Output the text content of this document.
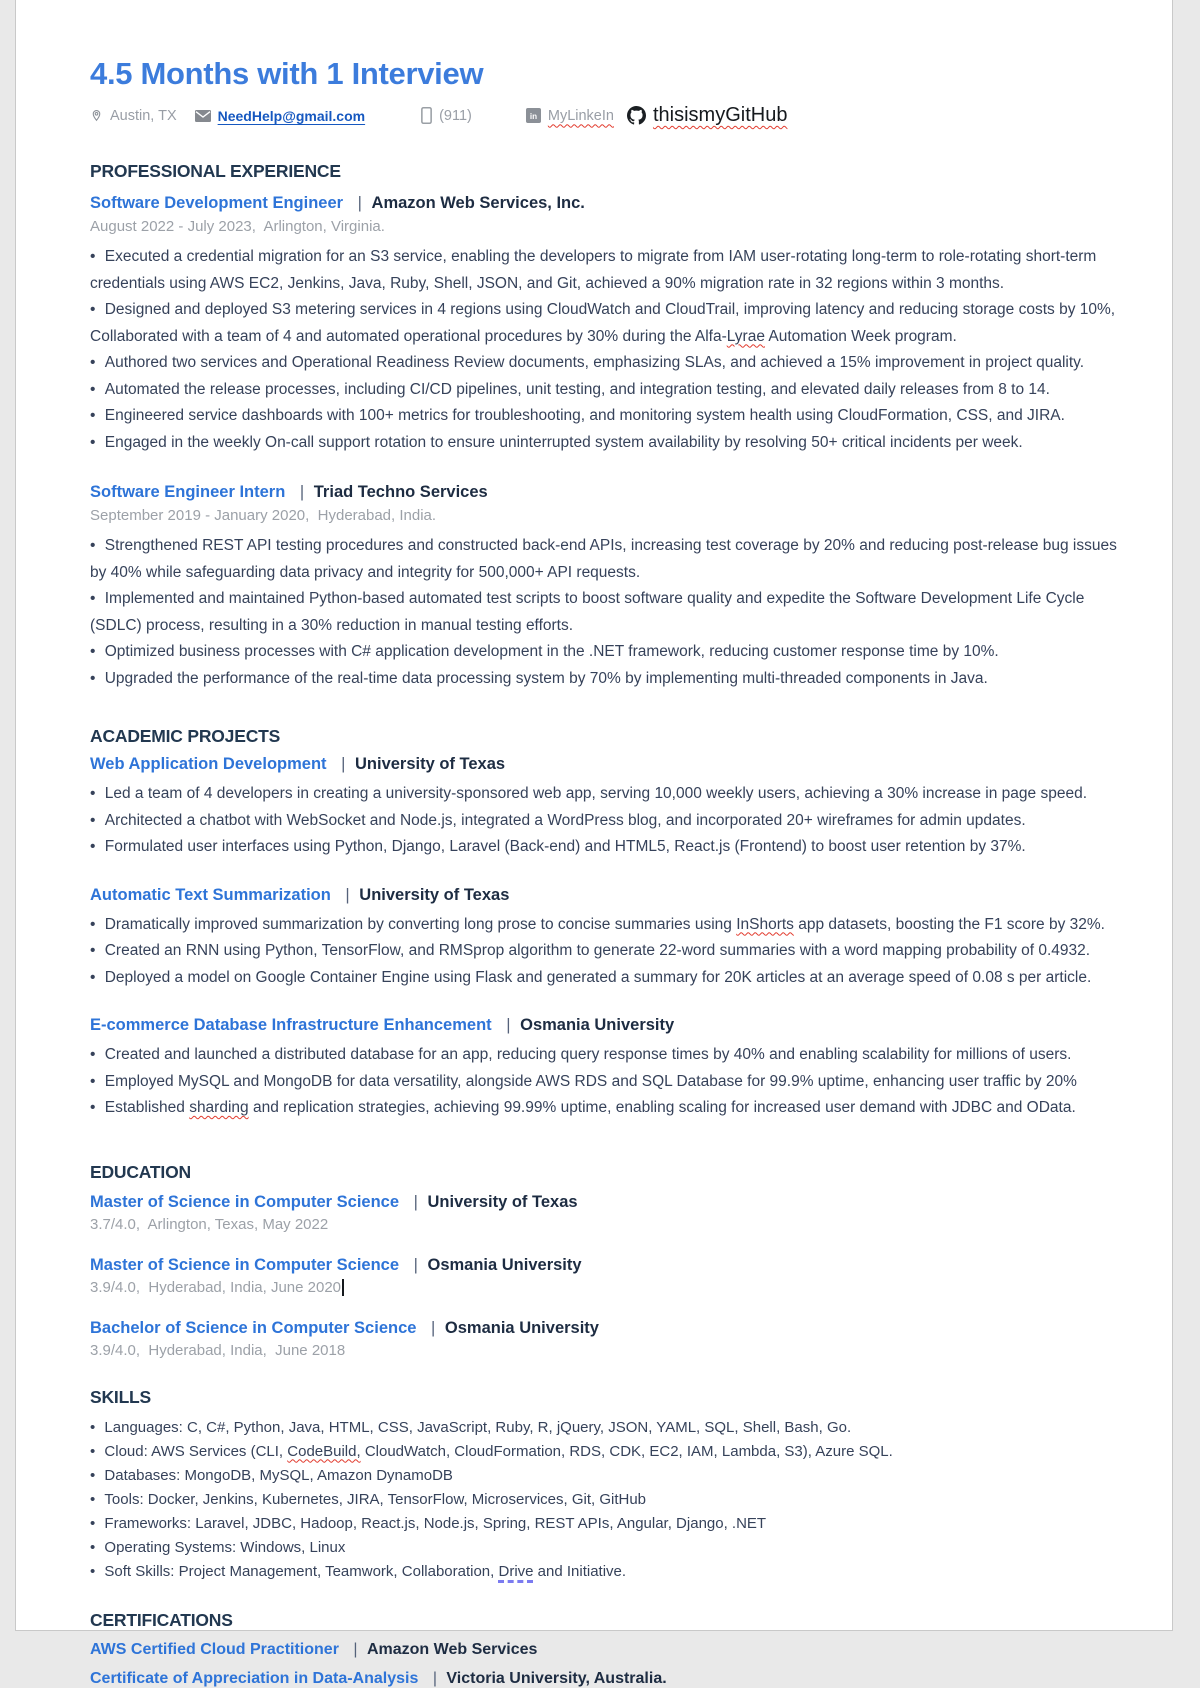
4.5 Months with 1 Interview
Austin, TX	NeedHelp@gmail.com	(911)	in MyLinkeIn thisismyGitHub
PROFESSIONAL EXPERIENCE
Software Development Engineer | Amazon Web Services, Inc.
August 2022 - July 2023,  Arlington, Virginia.

• Executed a credential migration for an S3 service, enabling the developers to migrate from IAM user-rotating long-term to role-rotating short-term credentials using AWS EC2, Jenkins, Java, Ruby, Shell, JSON, and Git, achieved a 90% migration rate in 32 regions within 3 months.

• Designed and deployed S3 metering services in 4 regions using CloudWatch and CloudTrail, improving latency and reducing storage costs by 10%, Collaborated with a team of 4 and automated operational procedures by 30% during the Alfa-Lyrae Automation Week program.

• Authored two services and Operational Readiness Review documents, emphasizing SLAs, and achieved a 15% improvement in project quality.

• Automated the release processes, including CI/CD pipelines, unit testing, and integration testing, and elevated daily releases from 8 to 14.

• Engineered service dashboards with 100+ metrics for troubleshooting, and monitoring system health using CloudFormation, CSS, and JIRA.

• Engaged in the weekly On-call support rotation to ensure uninterrupted system availability by resolving 50+ critical incidents per week.

Software Engineer Intern | Triad Techno Services
September 2019 - January 2020,  Hyderabad, India.

• Strengthened REST API testing procedures and constructed back-end APIs, increasing test coverage by 20% and reducing post-release bug issues by 40% while safeguarding data privacy and integrity for 500,000+ API requests.

• Implemented and maintained Python-based automated test scripts to boost software quality and expedite the Software Development Life Cycle (SDLC) process, resulting in a 30% reduction in manual testing efforts.

• Optimized business processes with C# application development in the .NET framework, reducing customer response time by 10%.

• Upgraded the performance of the real-time data processing system by 70% by implementing multi-threaded components in Java.

ACADEMIC PROJECTS
Web Application Development | University of Texas

• Led a team of 4 developers in creating a university-sponsored web app, serving 10,000 weekly users, achieving a 30% increase in page speed.

• Architected a chatbot with WebSocket and Node.js, integrated a WordPress blog, and incorporated 20+ wireframes for admin updates.

• Formulated user interfaces using Python, Django, Laravel (Back-end) and HTML5, React.js (Frontend) to boost user retention by 37%.

Automatic Text Summarization | University of Texas

• Dramatically improved summarization by converting long prose to concise summaries using InShorts app datasets, boosting the F1 score by 32%.

• Created an RNN using Python, TensorFlow, and RMSprop algorithm to generate 22-word summaries with a word mapping probability of 0.4932.

• Deployed a model on Google Container Engine using Flask and generated a summary for 20K articles at an average speed of 0.08 s per article.

E-commerce Database Infrastructure Enhancement | Osmania University

• Created and launched a distributed database for an app, reducing query response times by 40% and enabling scalability for millions of users.

• Employed MySQL and MongoDB for data versatility, alongside AWS RDS and SQL Database for 99.9% uptime, enhancing user traffic by 20%

• Established sharding and replication strategies, achieving 99.99% uptime, enabling scaling for increased user demand with JDBC and OData.

EDUCATION
Master of Science in Computer Science | University of Texas
3.7/4.0,  Arlington, Texas, May 2022
Master of Science in Computer Science | Osmania University
3.9/4.0,  Hyderabad, India, June 2020
Bachelor of Science in Computer Science | Osmania University
3.9/4.0,  Hyderabad, India,  June 2018
SKILLS

• Languages: C, C#, Python, Java, HTML, CSS, JavaScript, Ruby, R, jQuery, JSON, YAML, SQL, Shell, Bash, Go.

• Cloud: AWS Services (CLI, CodeBuild, CloudWatch, CloudFormation, RDS, CDK, EC2, IAM, Lambda, S3), Azure SQL.

• Databases: MongoDB, MySQL, Amazon DynamoDB

• Tools: Docker, Jenkins, Kubernetes, JIRA, TensorFlow, Microservices, Git, GitHub

• Frameworks: Laravel, JDBC, Hadoop, React.js, Node.js, Spring, REST APIs, Angular, Django, .NET

• Operating Systems: Windows, Linux

• Soft Skills: Project Management, Teamwork, Collaboration, Drive and Initiative.

CERTIFICATIONS
AWS Certified Cloud Practitioner | Amazon Web Services
Certificate of Appreciation in Data-Analysis | Victoria University, Australia.
